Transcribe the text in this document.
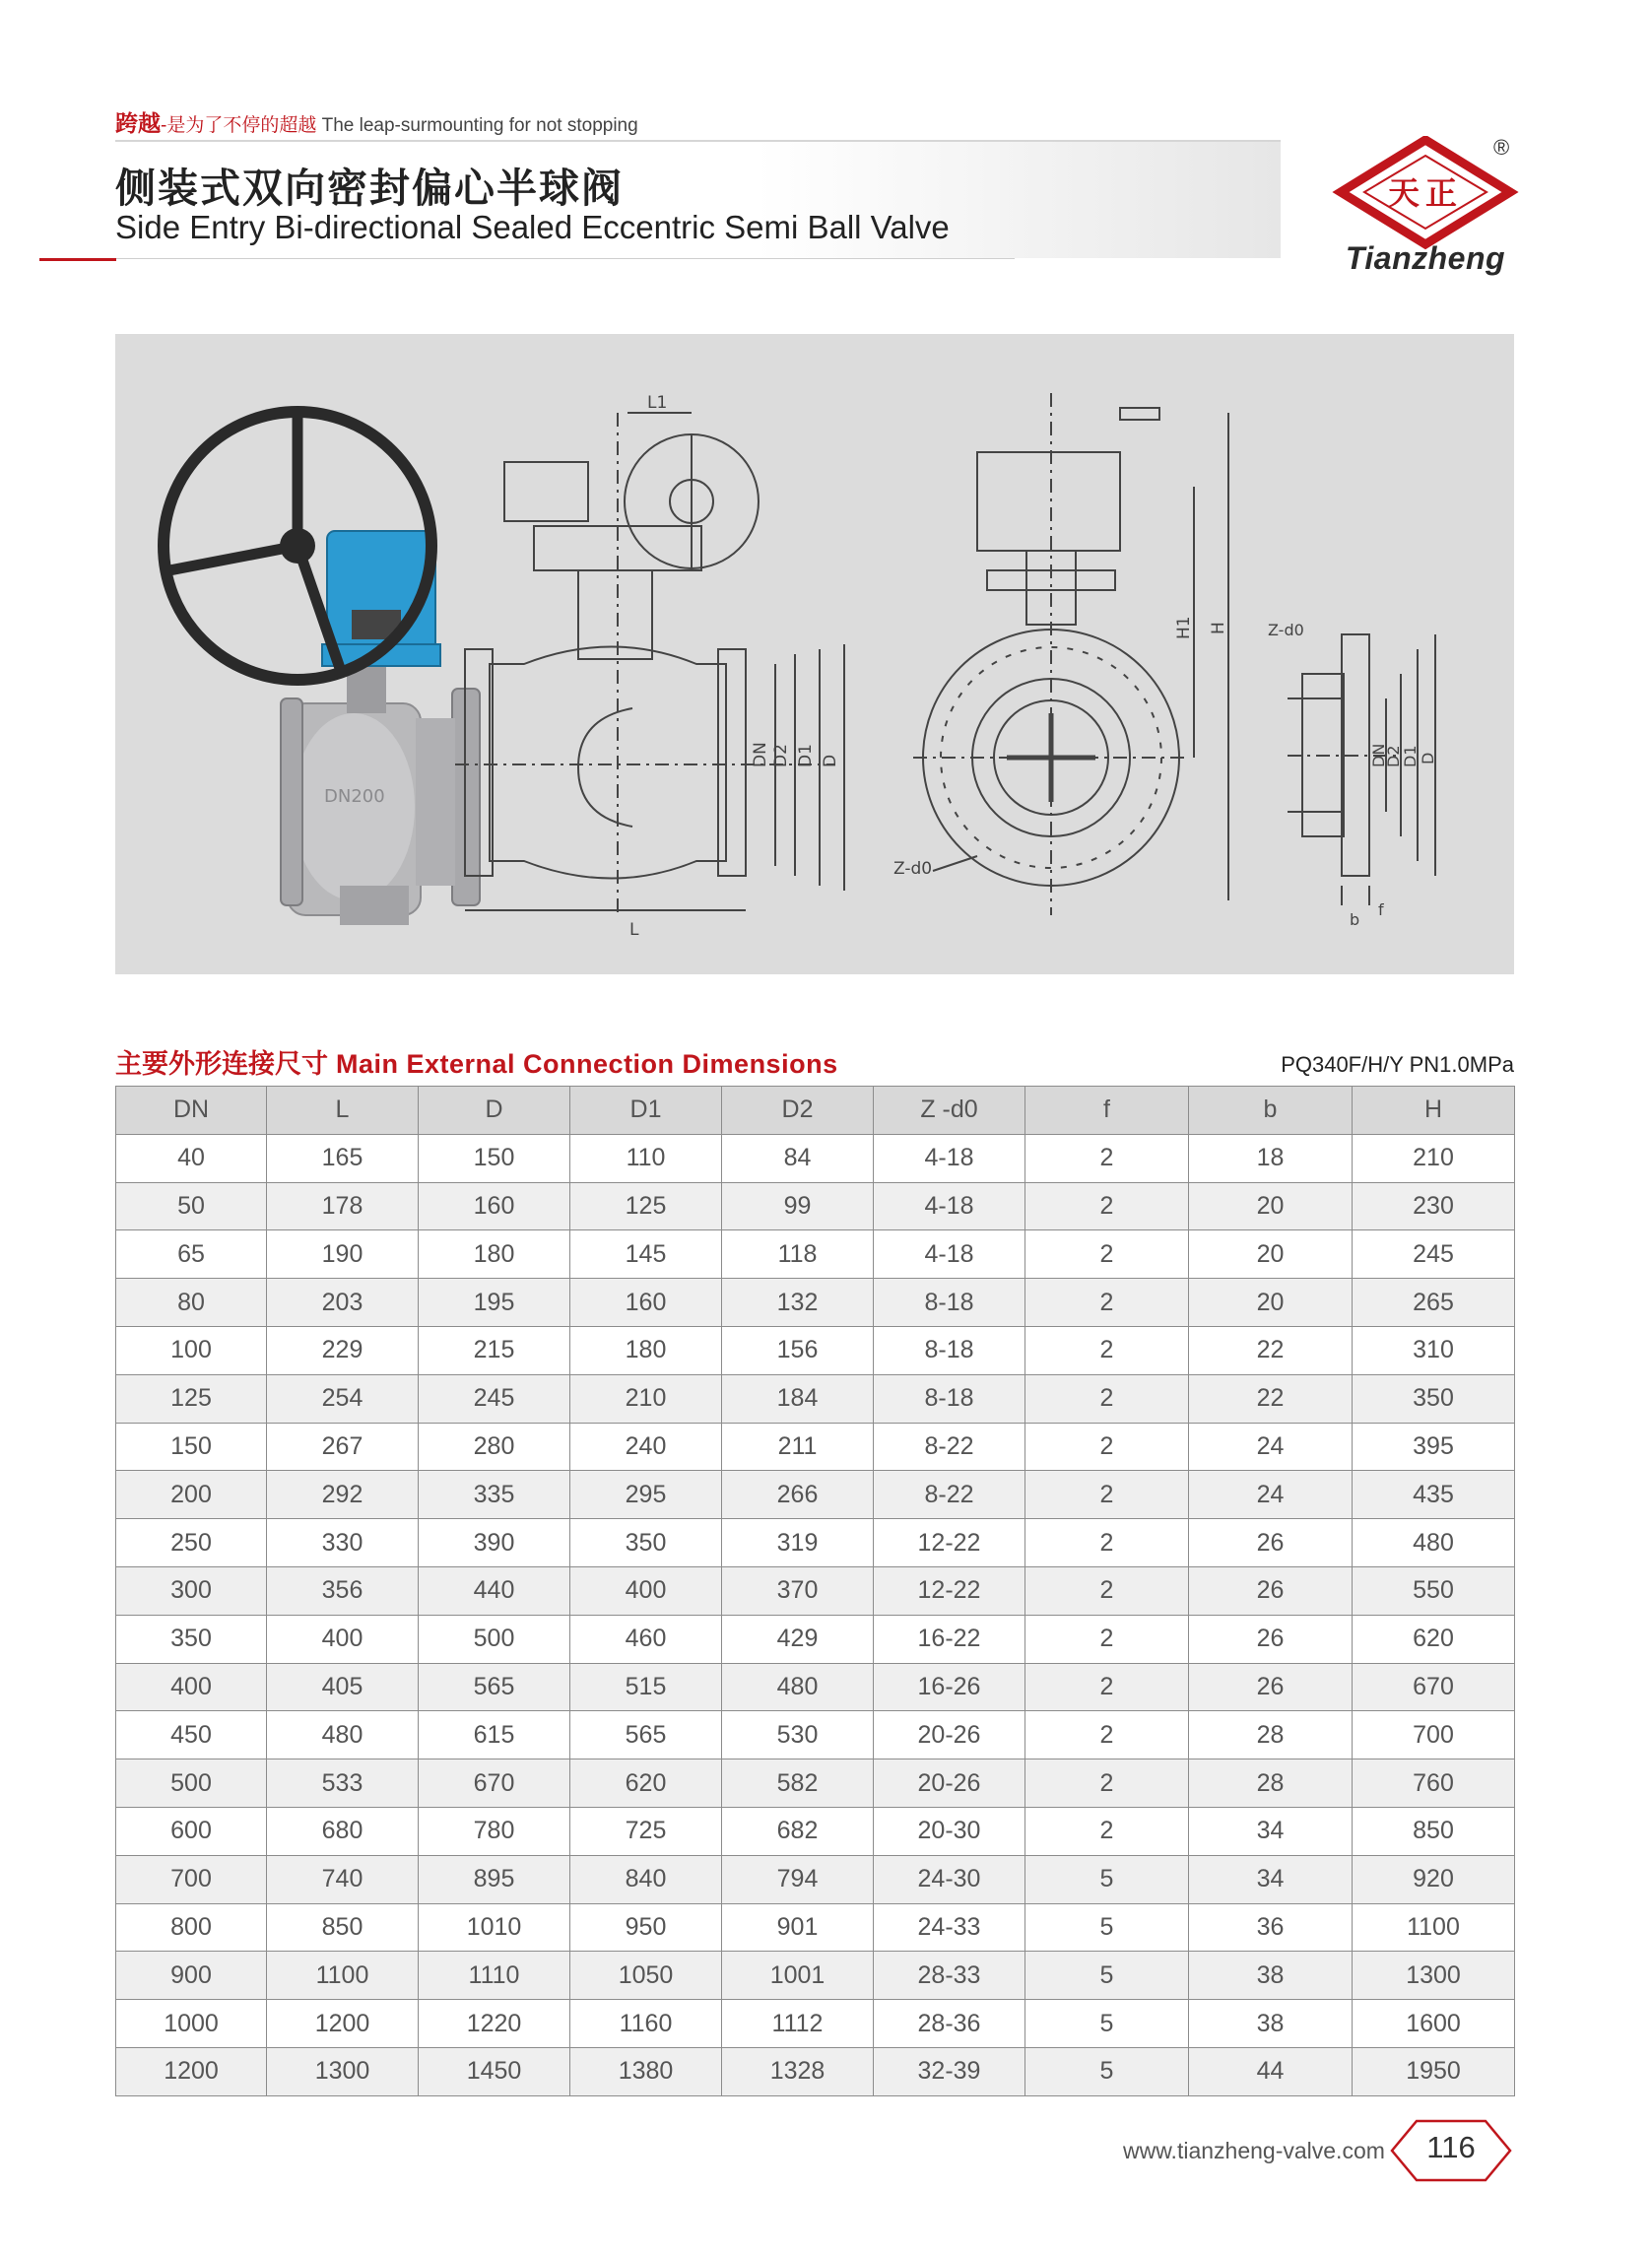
跨越-是为了不停的超越 The leap-surmounting for not stopping
侧装式双向密封偏心半球阀
Side Entry Bi-directional Sealed Eccentric Semi Ball Valve
天正
®
Tianzheng
DN200
L1
L
DN D2 D1 D
H1 H
Z-d0
Z-d0
DN
D2
D1 D
b
f
主要外形连接尺寸 Main External Connection Dimensions	PQ340F/H/Y PN1.0MPa
DN	L	D	D1	D2	Z -d0	f	b	H
40	165	150	110	84	4-18	2	18	210
50	178	160	125	99	4-18	2	20	230
65	190	180	145	118	4-18	2	20	245
80	203	195	160	132	8-18	2	20	265
100	229	215	180	156	8-18	2	22	310
125	254	245	210	184	8-18	2	22	350
150	267	280	240	211	8-22	2	24	395
200	292	335	295	266	8-22	2	24	435
250	330	390	350	319	12-22	2	26	480
300	356	440	400	370	12-22	2	26	550
350	400	500	460	429	16-22	2	26	620
400	405	565	515	480	16-26	2	26	670
450	480	615	565	530	20-26	2	28	700
500	533	670	620	582	20-26	2	28	760
600	680	780	725	682	20-30	2	34	850
700	740	895	840	794	24-30	5	34	920
800	850	1010	950	901	24-33	5	36	1100
900	1100	1110	1050	1001	28-33	5	38	1300
1000	1200	1220	1160	1112	28-36	5	38	1600
1200	1300	1450	1380	1328	32-39	5	44	1950
www.tianzheng-valve.com	116
